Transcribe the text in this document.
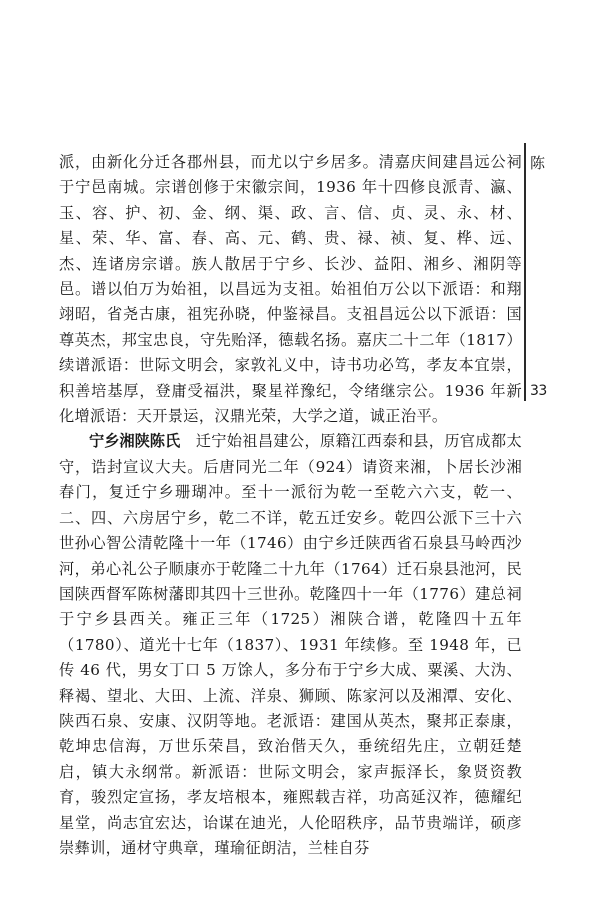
派，由新化分迁各郡州县，而尤以宁乡居多。清嘉庆间建昌远公祠于宁邑南城。宗谱创修于宋徽宗间，1936 年十四修良派青、瀛、玉、容、护、初、金、纲、渠、政、言、信、贞、灵、永、材、星、荣、华、富、春、高、元、鹤、贵、禄、祯、复、桦、远、杰、连诸房宗谱。族人散居于宁乡、长沙、益阳、湘乡、湘阴等邑。谱以伯万为始祖，以昌远为支祖。始祖伯万公以下派语：和翔翊昭，省尧古康，祖宪孙晓，仲鉴禄昌。支祖昌远公以下派语：国尊英杰，邦宝忠良，守先贻泽，德载名扬。嘉庆二十二年（1817）续谱派语：世际文明会，家敦礼义中，诗书功必笃，孝友本宜崇，积善培基厚，登庸受福洪，聚星祥豫纪，令绪继宗公。1936 年新化增派语：天开景运，汉鼎光荣，大学之道，诚正治平。

宁乡湘陕陈氏　 迁宁始祖昌建公，原籍江西泰和县，历官成都太守，诰封宣议大夫。后唐同光二年（924）请资来湘，卜居长沙湘春门，复迁宁乡珊瑚冲。至十一派衍为乾一至乾六六支，乾一、二、四、六房居宁乡，乾二不详，乾五迁安乡。乾四公派下三十六世孙心智公清乾隆十一年（1746）由宁乡迁陕西省石泉县马岭西沙河，弟心礼公子顺康亦于乾隆二十九年（1764）迁石泉县池河，民国陕西督军陈树藩即其四十三世孙。乾隆四十一年（1776）建总祠于宁乡县西关。雍正三年（1725）湘陕合谱，乾隆四十五年（1780）、道光十七年（1837）、1931 年续修。至 1948 年，已传 46 代，男女丁口 5 万馀人，多分布于宁乡大成、粟溪、大沩、释褐、望北、大田、上流、洋泉、狮顾、陈家河以及湘潭、安化、陕西石泉、安康、汉阴等地。老派语：建国从英杰，聚邦正泰康，乾坤忠信海，万世乐荣昌，致治偕天久，垂统绍先庄，立朝廷楚启，镇大永纲常。新派语：世际文明会，家声振泽长，象贤资教育，骏烈定宣扬，孝友培根本，雍熙载吉祥，功高延汉祚，德耀纪星堂，尚志宜宏达，诒谋在迪光，人伦昭秩序，品节贵端详，硕彦崇彝训，通材守典章，瑾瑜征朗洁，兰桂自芬

陈
33
